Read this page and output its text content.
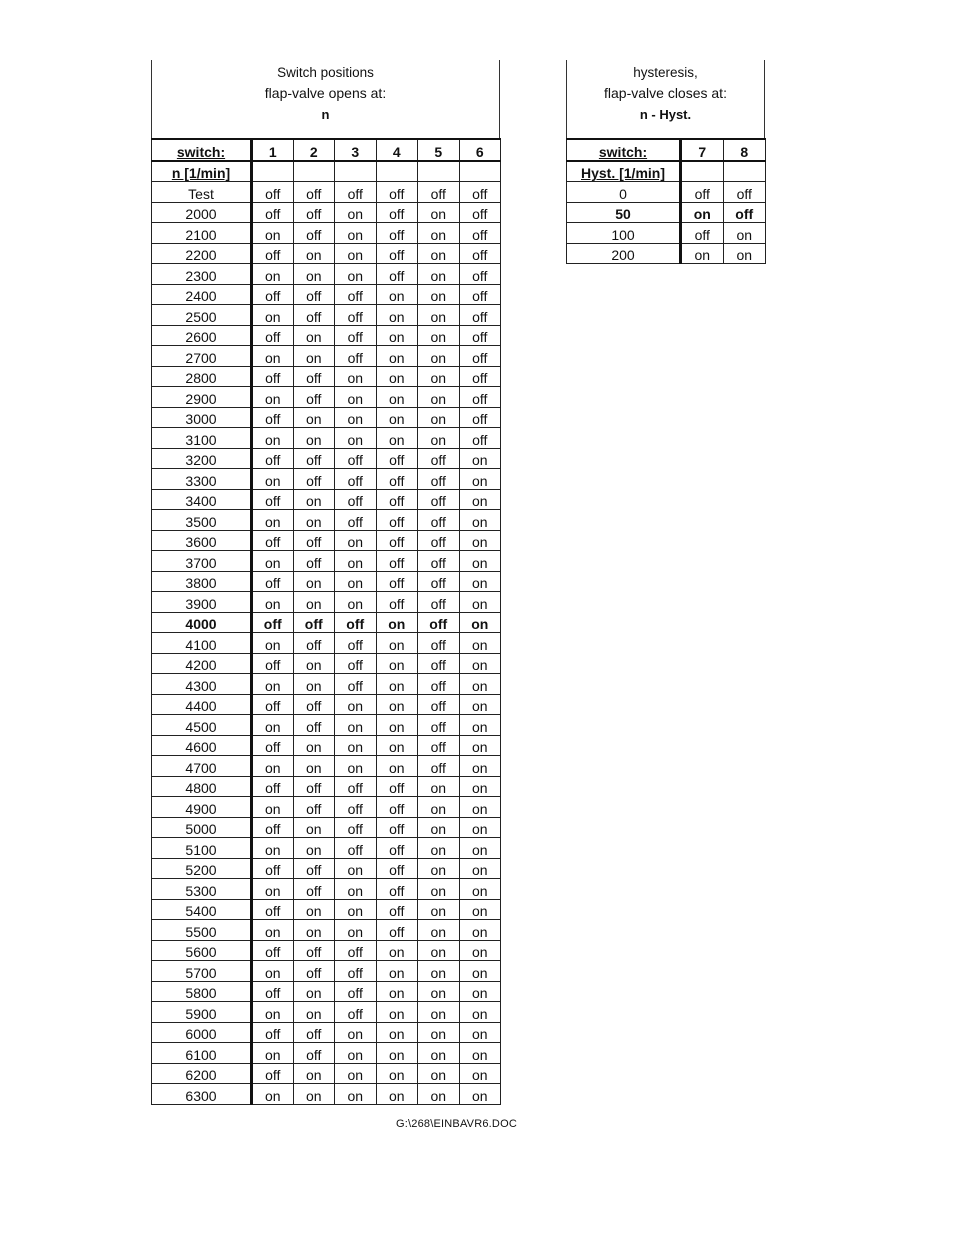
Switch positions
flap-valve opens at:
n
switch:	1	2	3	4	5	6
n [1/min]						
Test	off	off	off	off	off	off
2000	off	off	on	off	on	off
2100	on	off	on	off	on	off
2200	off	on	on	off	on	off
2300	on	on	on	off	on	off
2400	off	off	off	on	on	off
2500	on	off	off	on	on	off
2600	off	on	off	on	on	off
2700	on	on	off	on	on	off
2800	off	off	on	on	on	off
2900	on	off	on	on	on	off
3000	off	on	on	on	on	off
3100	on	on	on	on	on	off
3200	off	off	off	off	off	on
3300	on	off	off	off	off	on
3400	off	on	off	off	off	on
3500	on	on	off	off	off	on
3600	off	off	on	off	off	on
3700	on	off	on	off	off	on
3800	off	on	on	off	off	on
3900	on	on	on	off	off	on
4000	off	off	off	on	off	on
4100	on	off	off	on	off	on
4200	off	on	off	on	off	on
4300	on	on	off	on	off	on
4400	off	off	on	on	off	on
4500	on	off	on	on	off	on
4600	off	on	on	on	off	on
4700	on	on	on	on	off	on
4800	off	off	off	off	on	on
4900	on	off	off	off	on	on
5000	off	on	off	off	on	on
5100	on	on	off	off	on	on
5200	off	off	on	off	on	on
5300	on	off	on	off	on	on
5400	off	on	on	off	on	on
5500	on	on	on	off	on	on
5600	off	off	off	on	on	on
5700	on	off	off	on	on	on
5800	off	on	off	on	on	on
5900	on	on	off	on	on	on
6000	off	off	on	on	on	on
6100	on	off	on	on	on	on
6200	off	on	on	on	on	on
6300	on	on	on	on	on	on
hysteresis,
flap-valve closes at:
n - Hyst.
switch:	7	8
Hyst. [1/min]		
0	off	off
50	on	off
100	off	on
200	on	on
G:\268\EINBAVR6.DOC
